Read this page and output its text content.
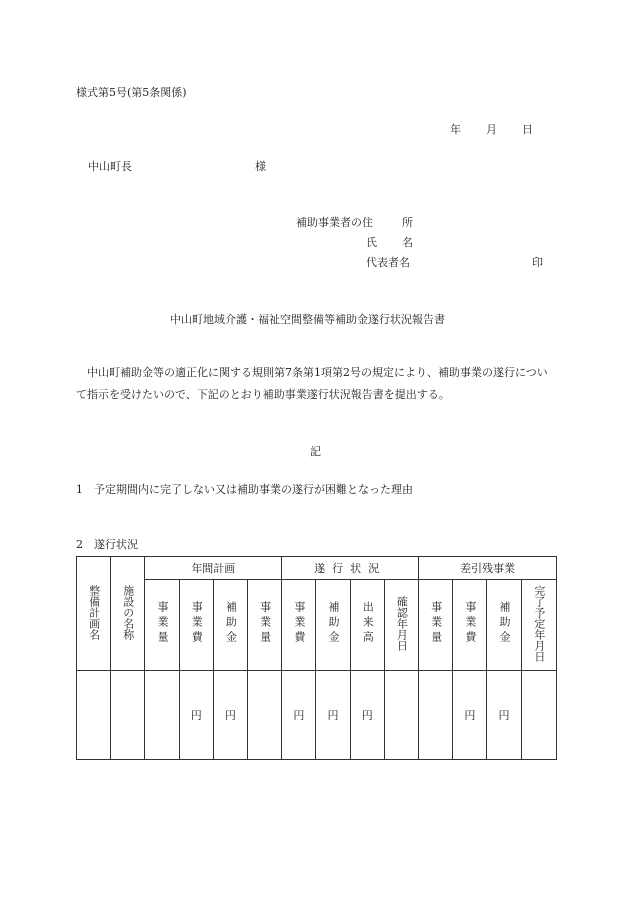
様式第5号(第5条関係)
年 月 日
中山町長	様
補助事業者の住	所
氏 名
代表者名	印
中山町地域介護・福祉空間整備等補助金遂行状況報告書
中山町補助金等の適正化に関する規則第7条第1項第2号の規定により、補助事業の遂行について指示を受けたいので、下記のとおり補助事業遂行状況報告書を提出する。
記
1　予定期間内に完了しない又は補助事業の遂行が困難となった理由
2　遂行状況
整備計画名	施設の名称	年間計画				遂行状況				差引残事業			
		事業量	事業費	補助金	事業量	事業費	補助金	出来高	確認年月日	事業量	事業費	補助金	完了予定年月日
			円	円		円	円	円			円	円	
